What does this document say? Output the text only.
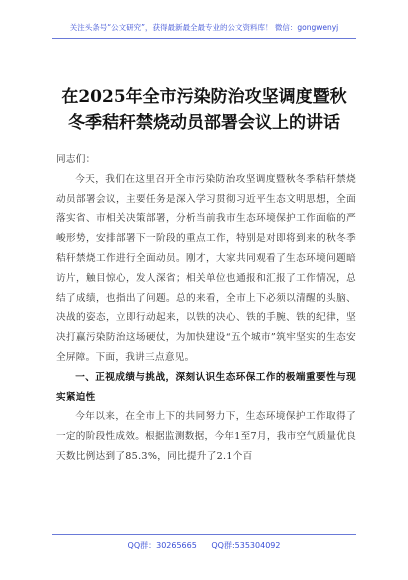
关注头条号“公文研究”，获得最新最全最专业的公文资料库！ 微信：gongwenyj
在2025年全市污染防治攻坚调度暨秋
冬季秸秆禁烧动员部署会议上的讲话

同志们：

今天，我们在这里召开全市污染防治攻坚调度暨秋冬季秸秆禁烧动员部署会议，主要任务是深入学习贯彻习近平生态文明思想，全面落实省、市相关决策部署，分析当前我市生态环境保护工作面临的严峻形势，安排部署下一阶段的重点工作，特别是对即将到来的秋冬季秸秆禁烧工作进行全面动员。刚才，大家共同观看了生态环境问题暗访片，触目惊心，发人深省；相关单位也通报和汇报了工作情况，总结了成绩，也指出了问题。总的来看，全市上下必须以清醒的头脑、决战的姿态，立即行动起来，以铁的决心、铁的手腕、铁的纪律，坚决打赢污染防治这场硬仗，为加快建设“五个城市”筑牢坚实的生态安全屏障。下面，我讲三点意见。

一、正视成绩与挑战，深刻认识生态环保工作的极端重要性与现实紧迫性

今年以来，在全市上下的共同努力下，生态环境保护工作取得了一定的阶段性成效。根据监测数据，今年1至7月，我市空气质量优良天数比例达到了85.3%，同比提升了2.1个百

QQ群：30265665 QQ群:535304092
